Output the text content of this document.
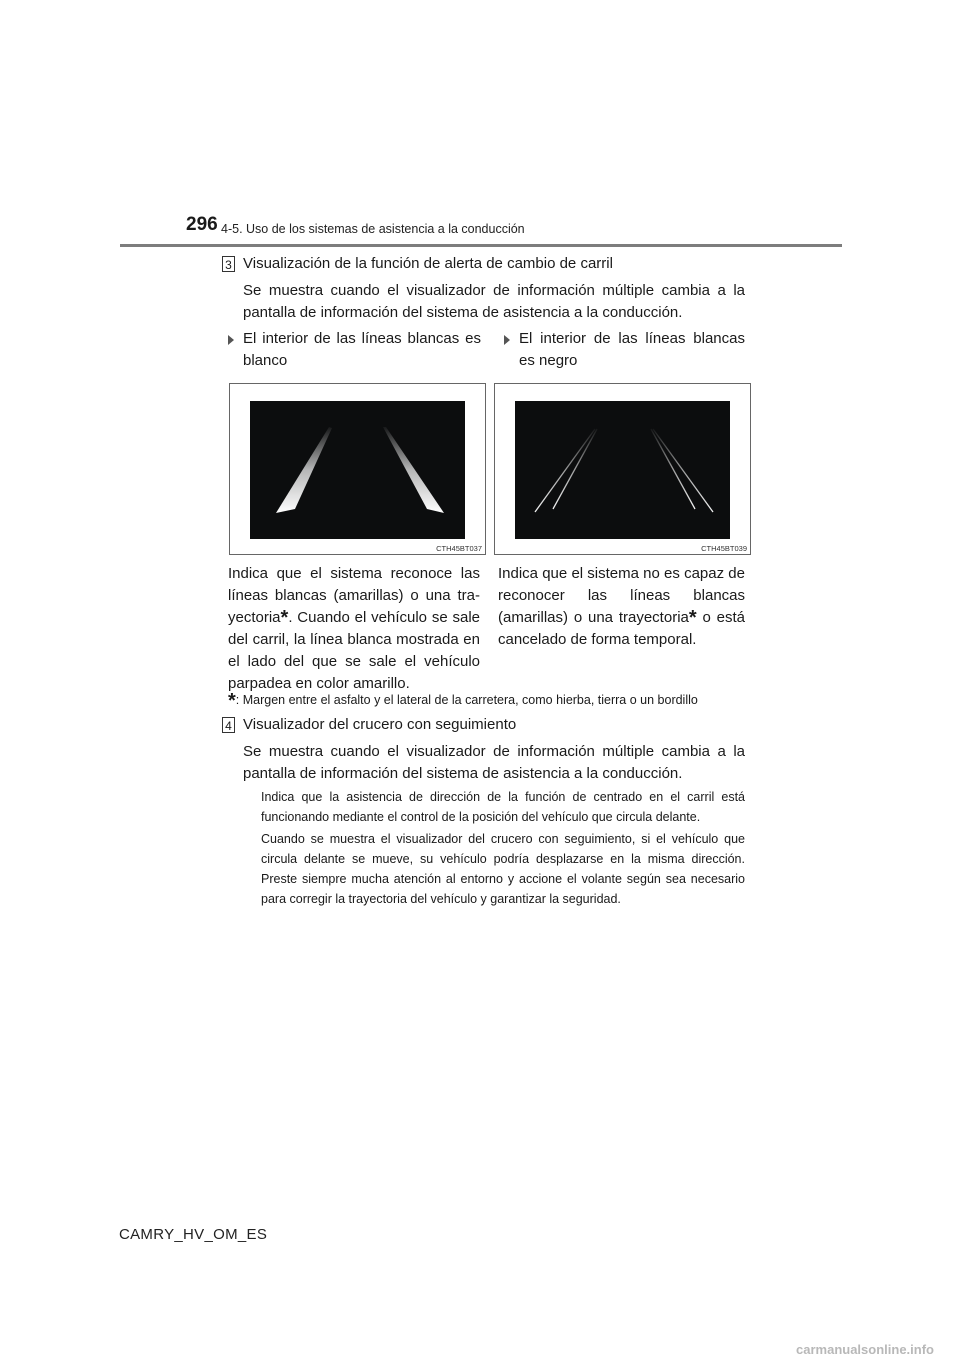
296 4-5. Uso de los sistemas de asistencia a la conducción
3 Visualización de la función de alerta de cambio de carril
Se muestra cuando el visualizador de información múltiple cambia a la pantalla de información del sistema de asistencia a la conducción.
El interior de las líneas blancas es blanco
El interior de las líneas blancas es negro
CTH45BT037	CTH45BT039
Indica que el sistema reconoce las líneas blancas (amarillas) o una tra-yectoria*. Cuando el vehículo se sale del carril, la línea blanca mostrada en el lado del que se sale el vehículo parpadea en color amarillo.
Indica que el sistema no es capaz de reconocer las líneas blancas (amarillas) o una trayectoria* o está cancelado de forma temporal.
*: Margen entre el asfalto y el lateral de la carretera, como hierba, tierra o un bordillo
4 Visualizador del crucero con seguimiento
Se muestra cuando el visualizador de información múltiple cambia a la pantalla de información del sistema de asistencia a la conducción.
Indica que la asistencia de dirección de la función de centrado en el carril está funcionando mediante el control de la posición del vehículo que circula delante.
Cuando se muestra el visualizador del crucero con seguimiento, si el vehículo que circula delante se mueve, su vehículo podría desplazarse en la misma dirección. Preste siempre mucha atención al entorno y accione el volante según sea necesario para corregir la trayectoria del vehículo y garantizar la seguridad.
CAMRY_HV_OM_ES
carmanualsonline.info
